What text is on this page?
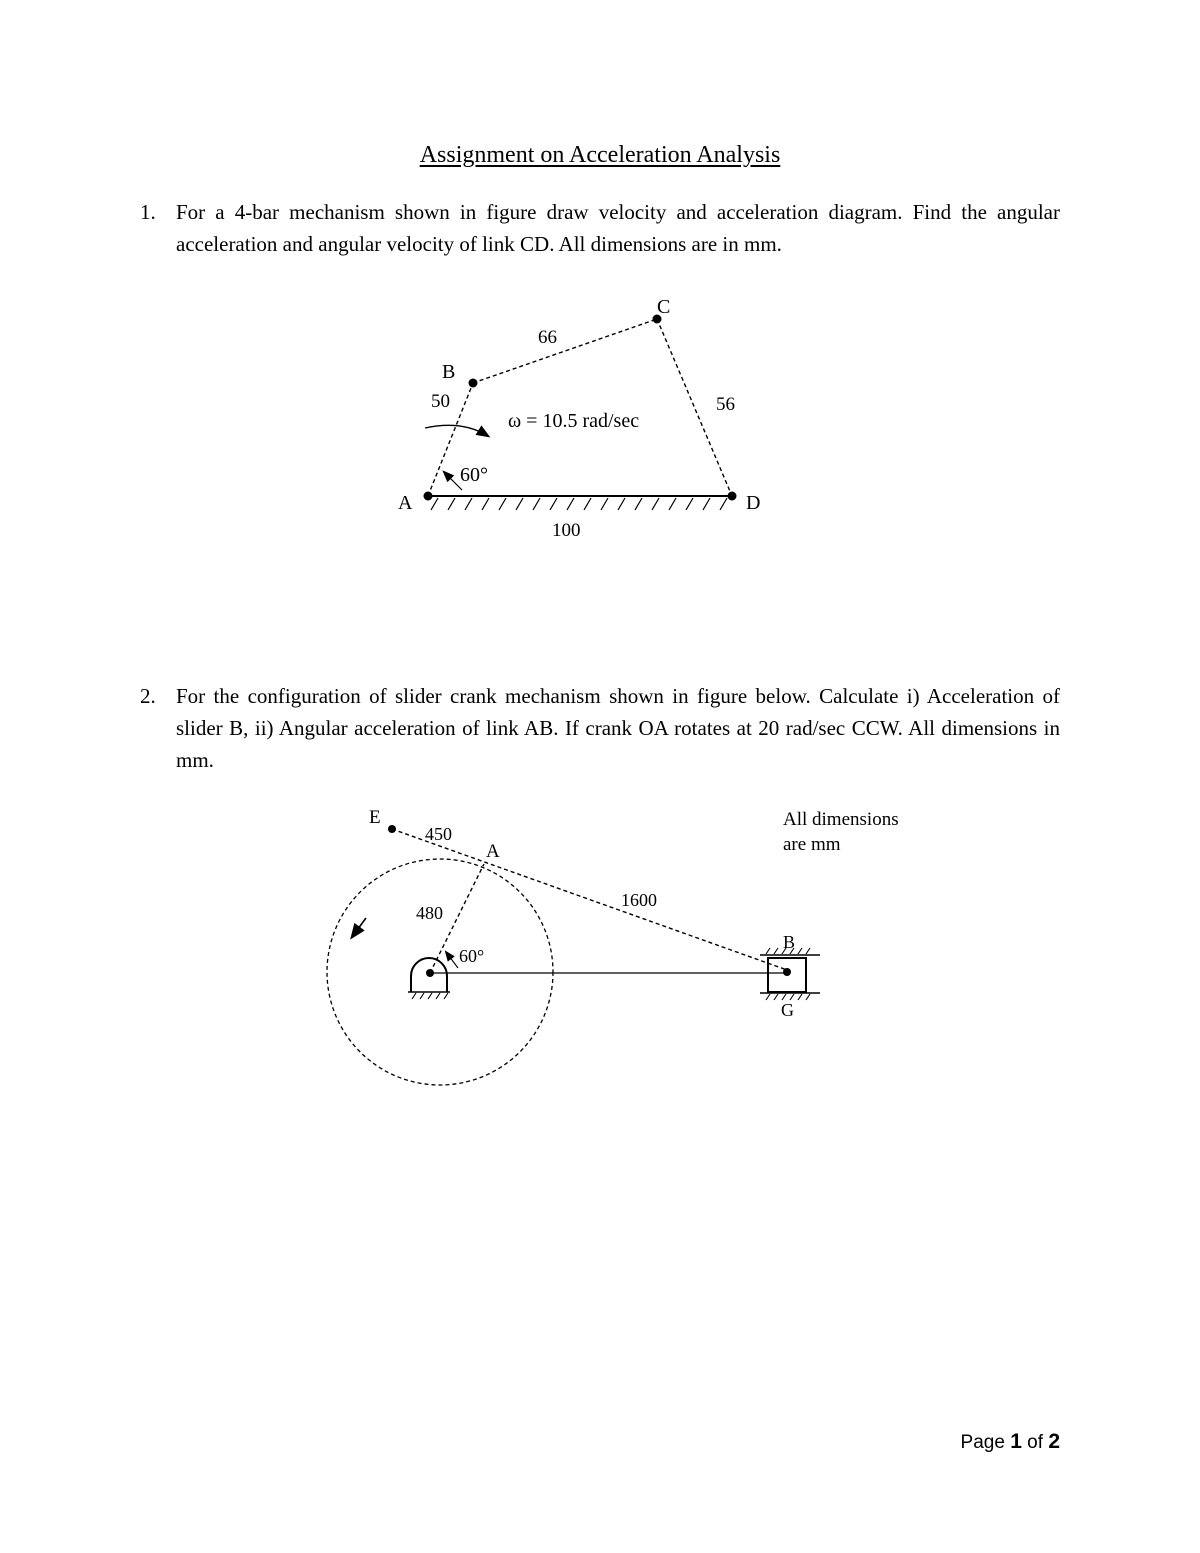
Assignment on Acceleration Analysis
1. For a 4-bar mechanism shown in figure draw velocity and acceleration diagram. Find the angular acceleration and angular velocity of link CD. All dimensions are in mm.
2. For the configuration of slider crank mechanism shown in figure below. Calculate i) Acceleration of slider B, ii) Angular acceleration of link AB. If crank OA rotates at 20 rad/sec CCW. All dimensions in mm.
A
B
C
D
50
66
56
100
60°
ω = 10.5 rad/sec
E
A
B
G
450
480
1600
60°
All dimensions
are mm
Page 1 of 2
